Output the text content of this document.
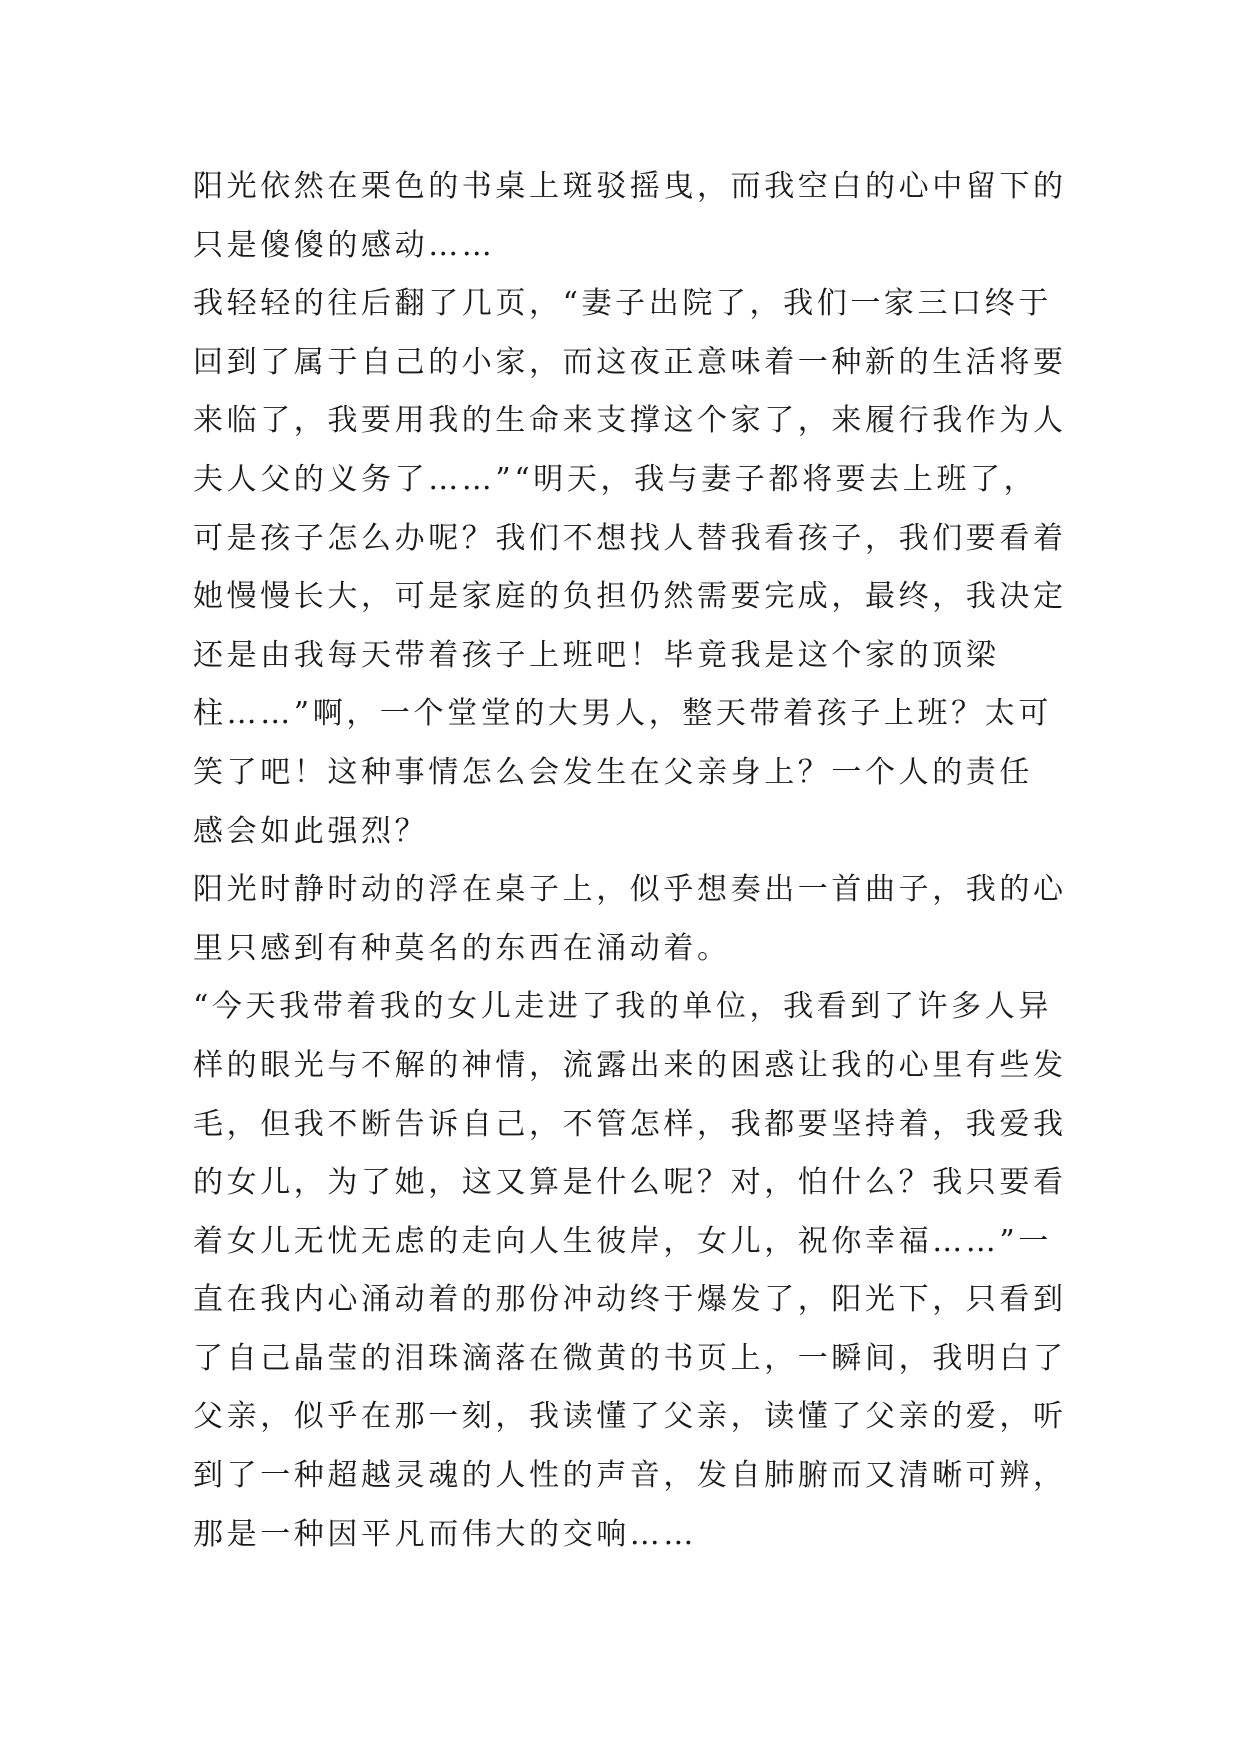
阳光依然在栗色的书桌上斑驳摇曳，而我空白的心中留下的
只是傻傻的感动……
我轻轻的往后翻了几页，“妻子出院了，我们一家三口终于
回到了属于自己的小家，而这夜正意味着一种新的生活将要
来临了，我要用我的生命来支撑这个家了，来履行我作为人
夫人父的义务了……”“明天，我与妻子都将要去上班了，
可是孩子怎么办呢？我们不想找人替我看孩子，我们要看着
她慢慢长大，可是家庭的负担仍然需要完成，最终，我决定
还是由我每天带着孩子上班吧！毕竟我是这个家的顶梁
柱……”啊，一个堂堂的大男人，整天带着孩子上班？太可
笑了吧！这种事情怎么会发生在父亲身上？一个人的责任
感会如此强烈？
阳光时静时动的浮在桌子上，似乎想奏出一首曲子，我的心
里只感到有种莫名的东西在涌动着。
“今天我带着我的女儿走进了我的单位，我看到了许多人异
样的眼光与不解的神情，流露出来的困惑让我的心里有些发
毛，但我不断告诉自己，不管怎样，我都要坚持着，我爱我
的女儿，为了她，这又算是什么呢？对，怕什么？我只要看
着女儿无忧无虑的走向人生彼岸，女儿，祝你幸福……”一
直在我内心涌动着的那份冲动终于爆发了，阳光下，只看到
了自己晶莹的泪珠滴落在微黄的书页上，一瞬间，我明白了
父亲，似乎在那一刻，我读懂了父亲，读懂了父亲的爱，听
到了一种超越灵魂的人性的声音，发自肺腑而又清晰可辨，
那是一种因平凡而伟大的交响……
